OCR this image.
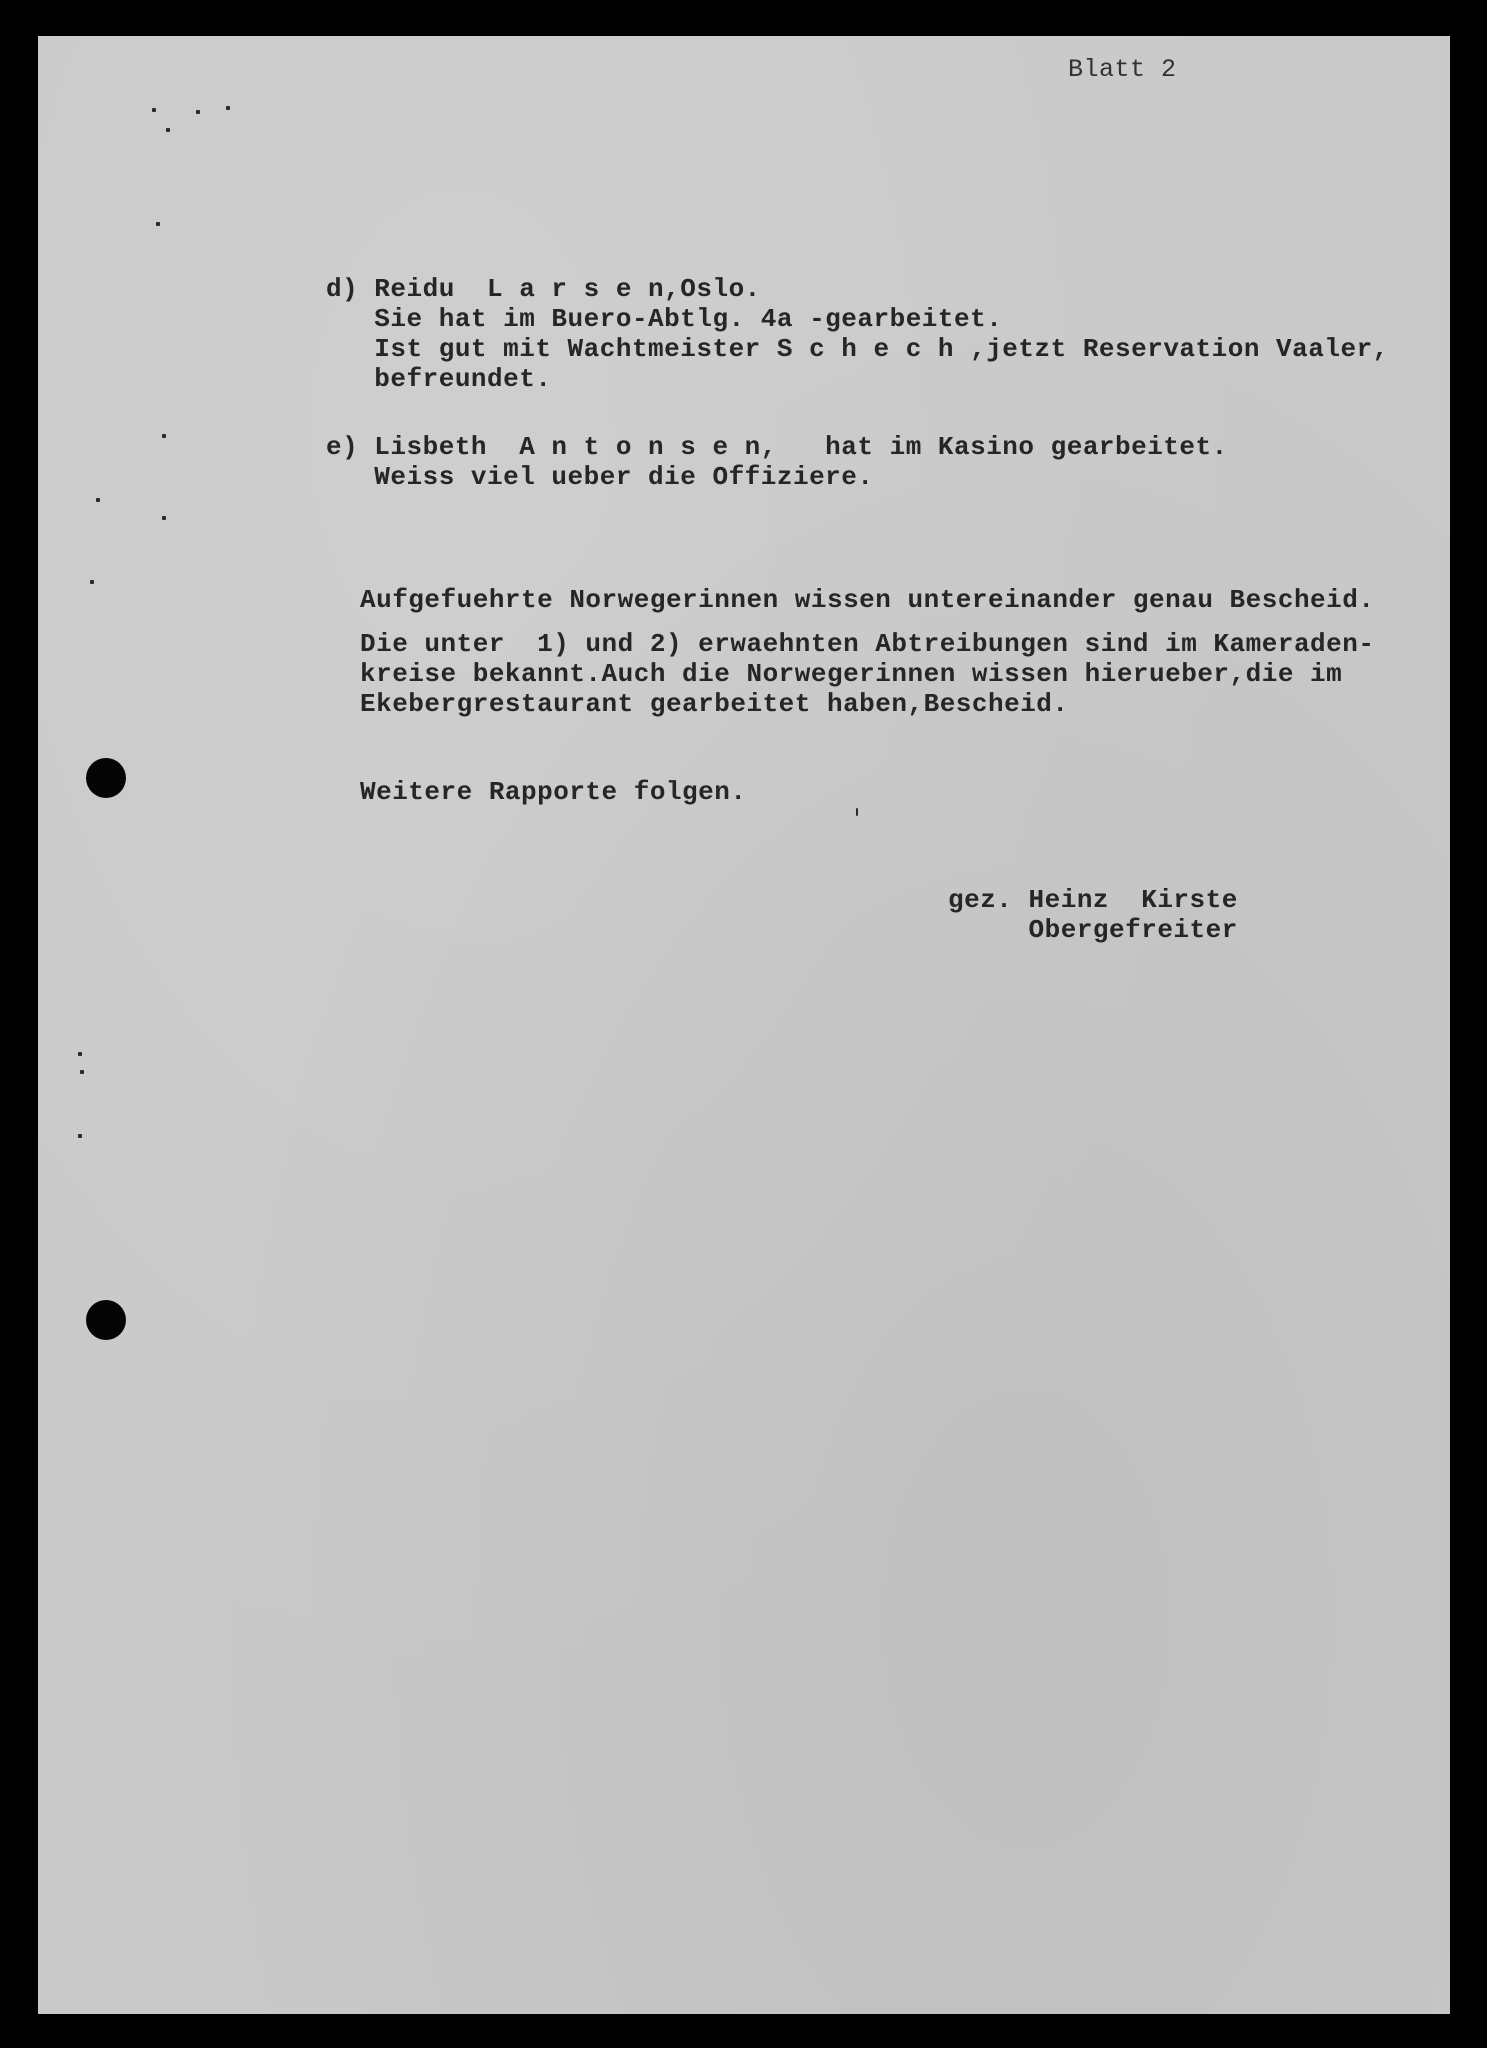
Blatt 2
d) Reidu  L a r s e n,Oslo.
Sie hat im Buero-Abtlg. 4a -gearbeitet.
Ist gut mit Wachtmeister S c h e c h ,jetzt Reservation Vaaler,
befreundet.
e) Lisbeth  A n t o n s e n,   hat im Kasino gearbeitet.
Weiss viel ueber die Offiziere.
Aufgefuehrte Norwegerinnen wissen untereinander genau Bescheid.
Die unter  1) und 2) erwaehnten Abtreibungen sind im Kameraden-
kreise bekannt.Auch die Norwegerinnen wissen hierueber,die im
Ekebergrestaurant gearbeitet haben,Bescheid.
Weitere Rapporte folgen.
gez. Heinz  Kirste
Obergefreiter
